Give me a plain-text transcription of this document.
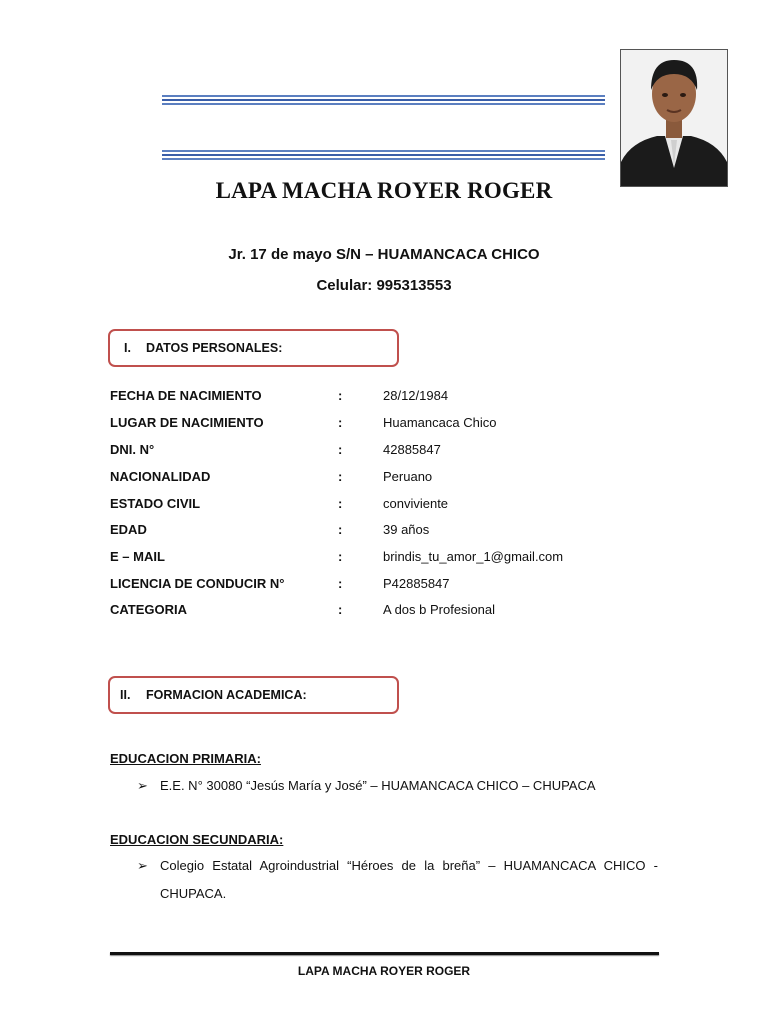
LAPA MACHA ROYER ROGER
Jr. 17 de mayo S/N – HUAMANCACA CHICO
Celular: 995313553
I. DATOS PERSONALES:
FECHA DE NACIMIENTO	:	28/12/1984
LUGAR DE NACIMIENTO	:	Huamancaca Chico
DNI. N°	:	42885847
NACIONALIDAD	:	Peruano
ESTADO CIVIL	:	conviviente
EDAD	:	39 años
E – MAIL	:	brindis_tu_amor_1@gmail.com
LICENCIA DE CONDUCIR N°	:	P42885847
CATEGORIA	:	A dos b Profesional
II. FORMACION ACADEMICA:
EDUCACION PRIMARIA:
➢ E.E. N° 30080 “Jesús María y José” – HUAMANCACA CHICO – CHUPACA
EDUCACION SECUNDARIA:
➢ Colegio Estatal Agroindustrial “Héroes de la breña” – HUAMANCACA CHICO -
CHUPACA.
LAPA MACHA ROYER ROGER
